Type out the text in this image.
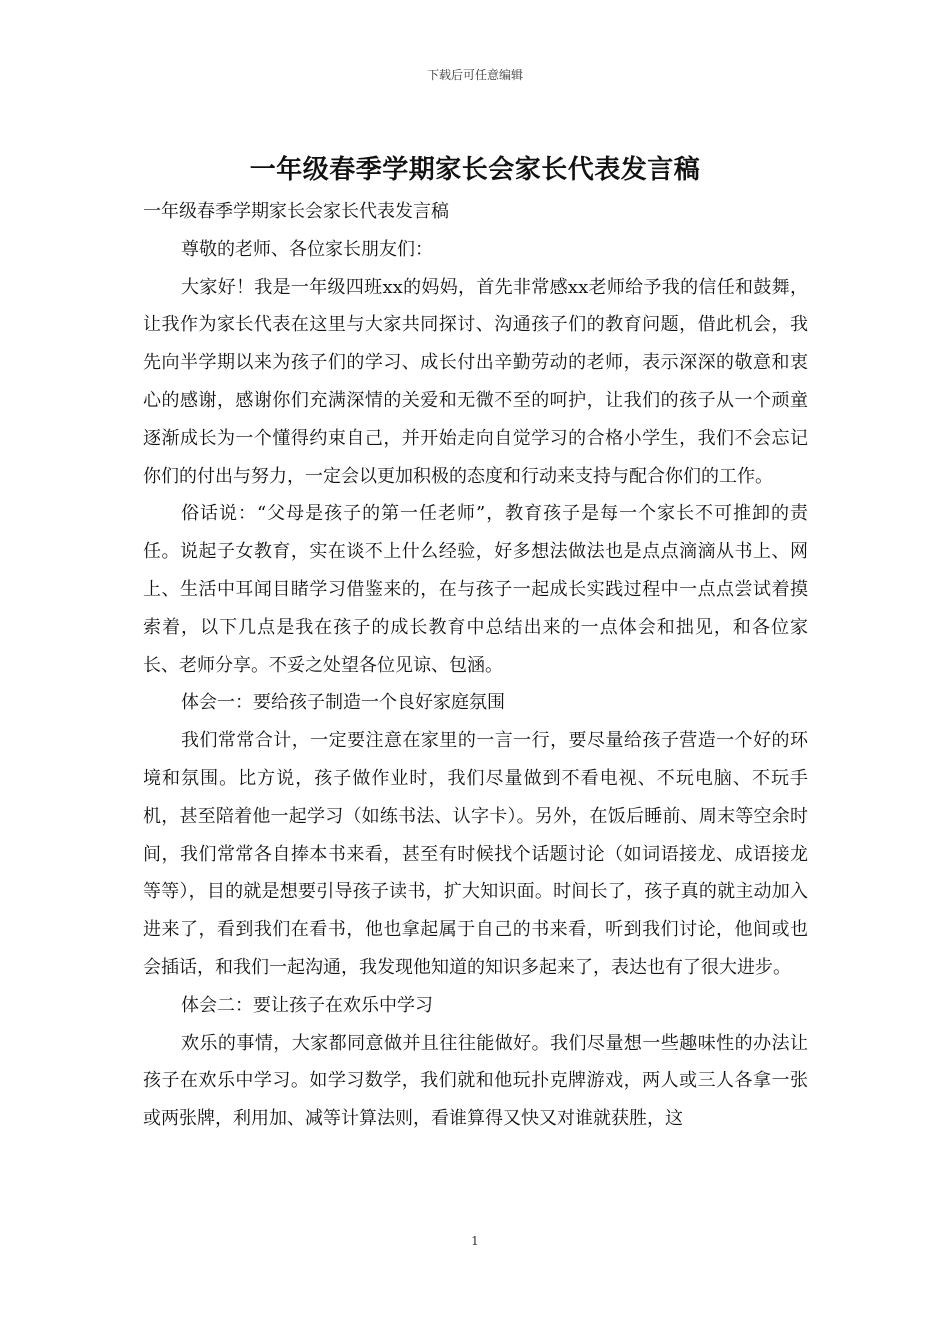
下载后可任意编辑
一年级春季学期家长会家长代表发言稿

一年级春季学期家长会家长代表发言稿

尊敬的老师、各位家长朋友们：

大家好！我是一年级四班xx的妈妈，首先非常感xx老师给予我的信任和鼓舞，让我作为家长代表在这里与大家共同探讨、沟通孩子们的教育问题，借此机会，我先向半学期以来为孩子们的学习、成长付出辛勤劳动的老师，表示深深的敬意和衷心的感谢，感谢你们充满深情的关爱和无微不至的呵护，让我们的孩子从一个顽童逐渐成长为一个懂得约束自己，并开始走向自觉学习的合格小学生，我们不会忘记你们的付出与努力，一定会以更加积极的态度和行动来支持与配合你们的工作。

俗话说：“父母是孩子的第一任老师”，教育孩子是每一个家长不可推卸的责任。说起子女教育，实在谈不上什么经验，好多想法做法也是点点滴滴从书上、网上、生活中耳闻目睹学习借鉴来的，在与孩子一起成长实践过程中一点点尝试着摸索着，以下几点是我在孩子的成长教育中总结出来的一点体会和拙见，和各位家长、老师分享。不妥之处望各位见谅、包涵。

体会一：要给孩子制造一个良好家庭氛围

我们常常合计，一定要注意在家里的一言一行，要尽量给孩子营造一个好的环境和氛围。比方说，孩子做作业时，我们尽量做到不看电视、不玩电脑、不玩手机，甚至陪着他一起学习（如练书法、认字卡）。另外，在饭后睡前、周末等空余时间，我们常常各自捧本书来看，甚至有时候找个话题讨论（如词语接龙、成语接龙等等），目的就是想要引导孩子读书，扩大知识面。时间长了，孩子真的就主动加入进来了，看到我们在看书，他也拿起属于自己的书来看，听到我们讨论，他间或也会插话，和我们一起沟通，我发现他知道的知识多起来了，表达也有了很大进步。

体会二：要让孩子在欢乐中学习

欢乐的事情，大家都同意做并且往往能做好。我们尽量想一些趣味性的办法让孩子在欢乐中学习。如学习数学，我们就和他玩扑克牌游戏，两人或三人各拿一张或两张牌，利用加、减等计算法则，看谁算得又快又对谁就获胜，这

1
